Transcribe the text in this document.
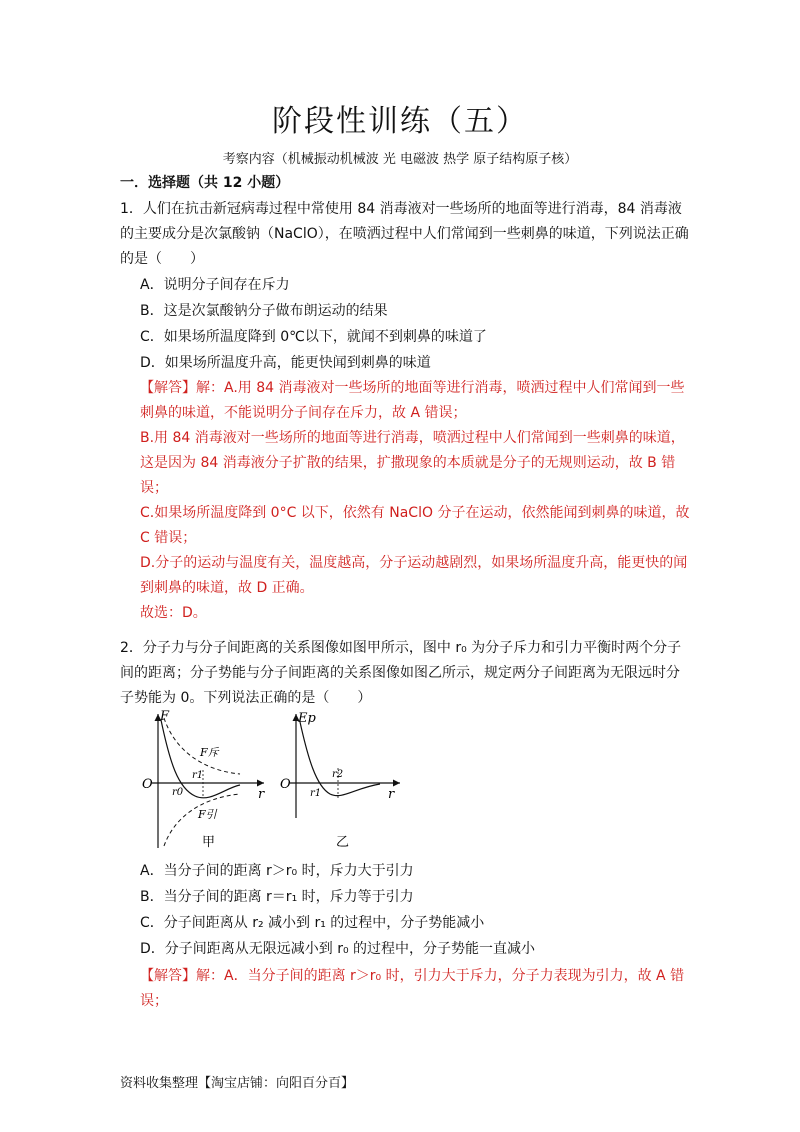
阶段性训练（五）
考察内容（机械振动机械波 光 电磁波 热学 原子结构原子核）
一．选择题（共 12 小题）
1．人们在抗击新冠病毒过程中常使用 84 消毒液对一些场所的地面等进行消毒，84 消毒液的主要成分是次氯酸钠（NaClO），在喷洒过程中人们常闻到一些刺鼻的味道，下列说法正确的是（　　）
A．说明分子间存在斥力
B．这是次氯酸钠分子做布朗运动的结果
C．如果场所温度降到 0℃以下，就闻不到刺鼻的味道了
D．如果场所温度升高，能更快闻到刺鼻的味道
【解答】解：A.用 84 消毒液对一些场所的地面等进行消毒，喷洒过程中人们常闻到一些刺鼻的味道，不能说明分子间存在斥力，故 A 错误；
B.用 84 消毒液对一些场所的地面等进行消毒，喷洒过程中人们常闻到一些刺鼻的味道，这是因为 84 消毒液分子扩散的结果，扩撒现象的本质就是分子的无规则运动，故 B 错误；
C.如果场所温度降到 0°C 以下，依然有 NaClO 分子在运动，依然能闻到刺鼻的味道，故 C 错误；
D.分子的运动与温度有关，温度越高，分子运动越剧烈，如果场所温度升高，能更快的闻到刺鼻的味道，故 D 正确。
故选：D。
2．分子力与分子间距离的关系图像如图甲所示，图中 r₀ 为分子斥力和引力平衡时两个分子间的距离；分子势能与分子间距离的关系图像如图乙所示，规定两分子间距离为无限远时分子势能为 0。下列说法正确的是（　　）
F
O
r
F斥
F引
r1
r0
甲
Ep
O
r
r2
r1
乙
A．当分子间的距离 r＞r₀ 时，斥力大于引力
B．当分子间的距离 r＝r₁ 时，斥力等于引力
C．分子间距离从 r₂ 减小到 r₁ 的过程中，分子势能减小
D．分子间距离从无限远减小到 r₀ 的过程中，分子势能一直减小
【解答】解：A．当分子间的距离 r＞r₀ 时，引力大于斥力，分子力表现为引力，故 A 错误；
资料收集整理【淘宝店铺：向阳百分百】
